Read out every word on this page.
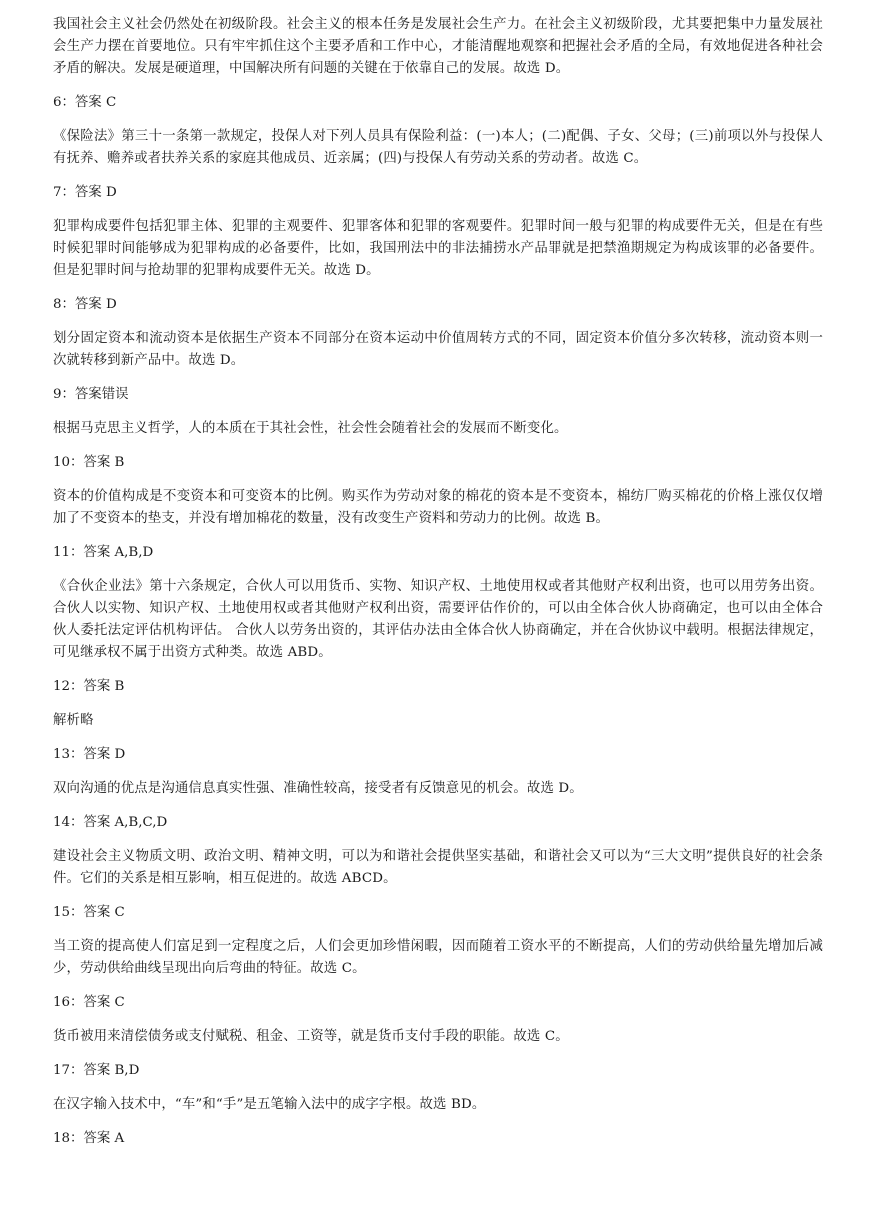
我国社会主义社会仍然处在初级阶段。社会主义的根本任务是发展社会生产力。在社会主义初级阶段，尤其要把集中力量发展社会生产力摆在首要地位。只有牢牢抓住这个主要矛盾和工作中心，才能清醒地观察和把握社会矛盾的全局，有效地促进各种社会矛盾的解决。发展是硬道理，中国解决所有问题的关键在于依靠自己的发展。故选 D。

6：答案 C

《保险法》第三十一条第一款规定，投保人对下列人员具有保险利益：(一)本人；(二)配偶、子女、父母；(三)前项以外与投保人有抚养、赡养或者扶养关系的家庭其他成员、近亲属；(四)与投保人有劳动关系的劳动者。故选 C。

7：答案 D

犯罪构成要件包括犯罪主体、犯罪的主观要件、犯罪客体和犯罪的客观要件。犯罪时间一般与犯罪的构成要件无关，但是在有些时候犯罪时间能够成为犯罪构成的必备要件，比如，我国刑法中的非法捕捞水产品罪就是把禁渔期规定为构成该罪的必备要件。但是犯罪时间与抢劫罪的犯罪构成要件无关。故选 D。

8：答案 D

划分固定资本和流动资本是依据生产资本不同部分在资本运动中价值周转方式的不同，固定资本价值分多次转移，流动资本则一次就转移到新产品中。故选 D。

9：答案错误

根据马克思主义哲学，人的本质在于其社会性，社会性会随着社会的发展而不断变化。

10：答案 B

资本的价值构成是不变资本和可变资本的比例。购买作为劳动对象的棉花的资本是不变资本，棉纺厂购买棉花的价格上涨仅仅增加了不变资本的垫支，并没有增加棉花的数量，没有改变生产资料和劳动力的比例。故选 B。

11：答案 A,B,D

《合伙企业法》第十六条规定，合伙人可以用货币、实物、知识产权、土地使用权或者其他财产权利出资，也可以用劳务出资。合伙人以实物、知识产权、土地使用权或者其他财产权利出资，需要评估作价的，可以由全体合伙人协商确定，也可以由全体合伙人委托法定评估机构评估。 合伙人以劳务出资的，其评估办法由全体合伙人协商确定，并在合伙协议中载明。根据法律规定，可见继承权不属于出资方式种类。故选 ABD。

12：答案 B

解析略

13：答案 D

双向沟通的优点是沟通信息真实性强、准确性较高，接受者有反馈意见的机会。故选 D。

14：答案 A,B,C,D

建设社会主义物质文明、政治文明、精神文明，可以为和谐社会提供坚实基础，和谐社会又可以为“三大文明”提供良好的社会条件。它们的关系是相互影响，相互促进的。故选 ABCD。

15：答案 C

当工资的提高使人们富足到一定程度之后，人们会更加珍惜闲暇，因而随着工资水平的不断提高，人们的劳动供给量先增加后减少，劳动供给曲线呈现出向后弯曲的特征。故选 C。

16：答案 C

货币被用来清偿债务或支付赋税、租金、工资等，就是货币支付手段的职能。故选 C。

17：答案 B,D

在汉字输入技术中，“车”和“手”是五笔输入法中的成字字根。故选 BD。

18：答案 A
